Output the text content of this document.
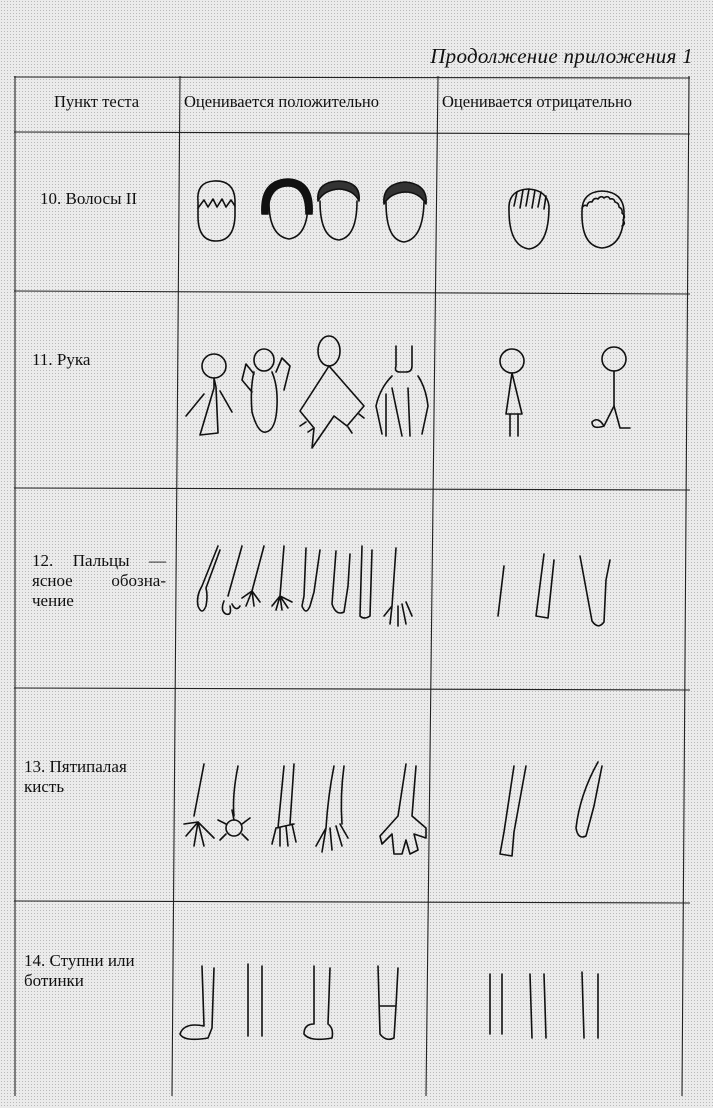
Продолжение приложения 1
Пункт теста	Оценивается положительно	Оценивается отрицательно
10. Волосы II
11. Рука
12. Пальцы — ясное обозна-чение
13. Пятипалая кисть
14. Ступни или ботинки
